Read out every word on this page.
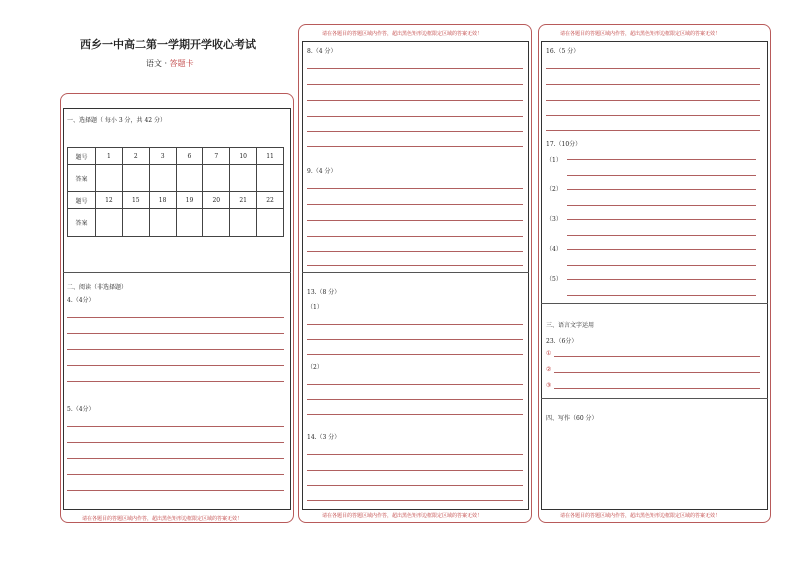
西乡一中高二第一学期开学收心考试
语文 · 答题卡
请在各题目的答题区域内作答，超出黑色矩形边框限定区域的答案无效！
一、选择题（ 每小 3 分，共 42 分）
题号	1	2	3	6	7	10	11
答案							
题号	12	15	18	19	20	21	22
答案							
二、阅读（非选择题）
4.（4分）
5.（4分）
请在各题目的答题区域内作答，超出黑色矩形边框限定区域的答案无效！
请在各题目的答题区域内作答，超出黑色矩形边框限定区域的答案无效！
8.（4 分）
9.（4 分）
13.（8 分）
（1）
（2）
14.（3 分）
请在各题目的答题区域内作答，超出黑色矩形边框限定区域的答案无效！
请在各题目的答题区域内作答，超出黑色矩形边框限定区域的答案无效！
16.（5 分）
17.（10分）
（1）
（2）
（3）
（4）
（5）
三、语言文字运用
23.（6分）
①
②
③
四、写作（60 分）
